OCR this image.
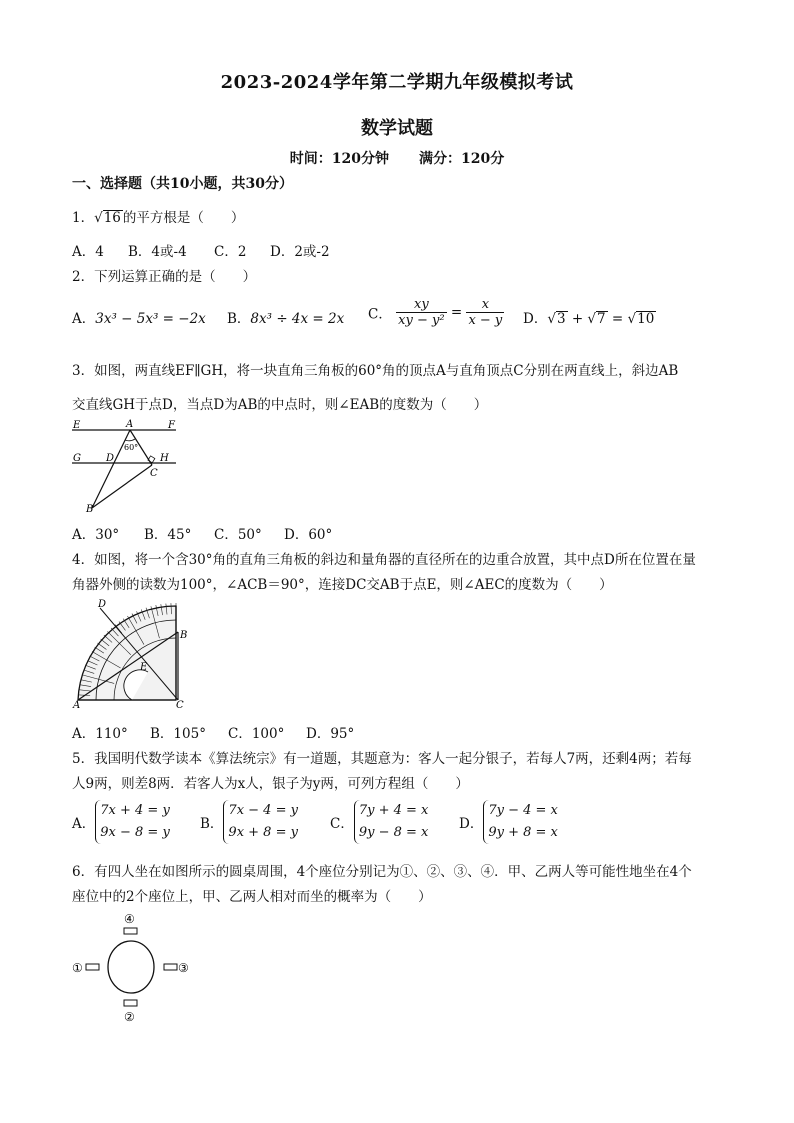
2023-2024学年第二学期九年级模拟考试
数学试题
时间：120分钟 满分：120分
一、选择题（共10小题，共30分）
1．√16 的平方根是（　　）
A．4 B．4或-4 C．2 D．2或-2
2．下列运算正确的是（　　）
A．3x³ − 5x³ = −2x B．8x³ ÷ 4x = 2x C． $\frac{xy}{\text{xy − y²}} = \frac{x}{x - y}$ D．√3 + √7 = √10
3．如图，两直线EF∥GH，将一块直角三角板的60°角的顶点A与直角顶点C分别在两直线上，斜边AB
交直线GH于点D，当点D为AB的中点时，则∠EAB的度数为（　　）
E	A	F
G	D	H
C
B
60°
A．30° B．45° C．50° D．60°
4．如图，将一个含30°角的直角三角板的斜边和量角器的直径所在的边重合放置，其中点D所在位置在量
角器外侧的读数为100°，∠ACB＝90°，连接DC交AB于点E，则∠AEC的度数为（　　）
D
B
E
A	C
A．110° B．105° C．100° D．95°
5．我国明代数学读本《算法统宗》有一道题，其题意为：客人一起分银子，若每人7两，还剩4两；若每
人9两，则差8两．若客人为x人，银子为y两，可列方程组（　　）
A．
7x + 4 = y
9x − 8 = y
B．
7x − 4 = y
9x + 8 = y
C．
7y + 4 = x
9y − 8 = x
D．
7y − 4 = x
9y + 8 = x
6．有四人坐在如图所示的圆桌周围，4个座位分别记为①、②、③、④．甲、乙两人等可能性地坐在4个
座位中的2个座位上，甲、乙两人相对而坐的概率为（　　）
④
②
①	③
